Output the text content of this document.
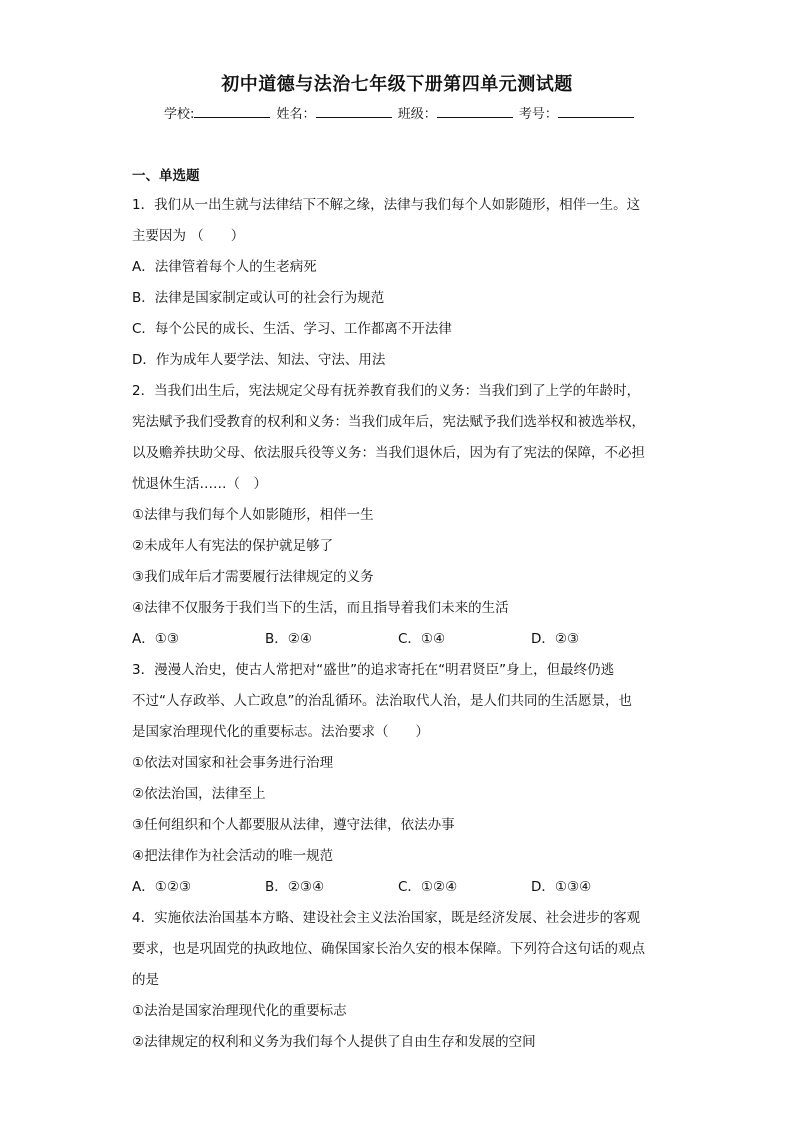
初中道德与法治七年级下册第四单元测试题
学校:	姓名：	班级：	考号：
一、单选题
1．我们从一出生就与法律结下不解之缘，法律与我们每个人如影随形，相伴一生。这
主要因为 （　　）
A．法律管着每个人的生老病死
B．法律是国家制定或认可的社会行为规范
C．每个公民的成长、生活、学习、工作都离不开法律
D．作为成年人要学法、知法、守法、用法
2．当我们出生后，宪法规定父母有抚养教育我们的义务：当我们到了上学的年龄时，
宪法赋予我们受教育的权利和义务：当我们成年后，宪法赋予我们选举权和被选举权，
以及赡养扶助父母、依法服兵役等义务：当我们退休后，因为有了宪法的保障，不必担
忧退休生活……（　）
①法律与我们每个人如影随形，相伴一生
②未成年人有宪法的保护就足够了
③我们成年后才需要履行法律规定的义务
④法律不仅服务于我们当下的生活，而且指导着我们未来的生活
A．①③	B．②④	C．①④	D．②③
3．漫漫人治史，使古人常把对“盛世”的追求寄托在“明君贤臣”身上，但最终仍逃
不过“人存政举、人亡政息”的治乱循环。法治取代人治，是人们共同的生活愿景，也
是国家治理现代化的重要标志。法治要求（　　）
①依法对国家和社会事务进行治理
②依法治国，法律至上
③任何组织和个人都要服从法律，遵守法律，依法办事
④把法律作为社会活动的唯一规范
A．①②③	B．②③④	C．①②④	D．①③④
4．实施依法治国基本方略、建设社会主义法治国家，既是经济发展、社会进步的客观
要求，也是巩固党的执政地位、确保国家长治久安的根本保障。下列符合这句话的观点
的是
①法治是国家治理现代化的重要标志
②法律规定的权利和义务为我们每个人提供了自由生存和发展的空间
